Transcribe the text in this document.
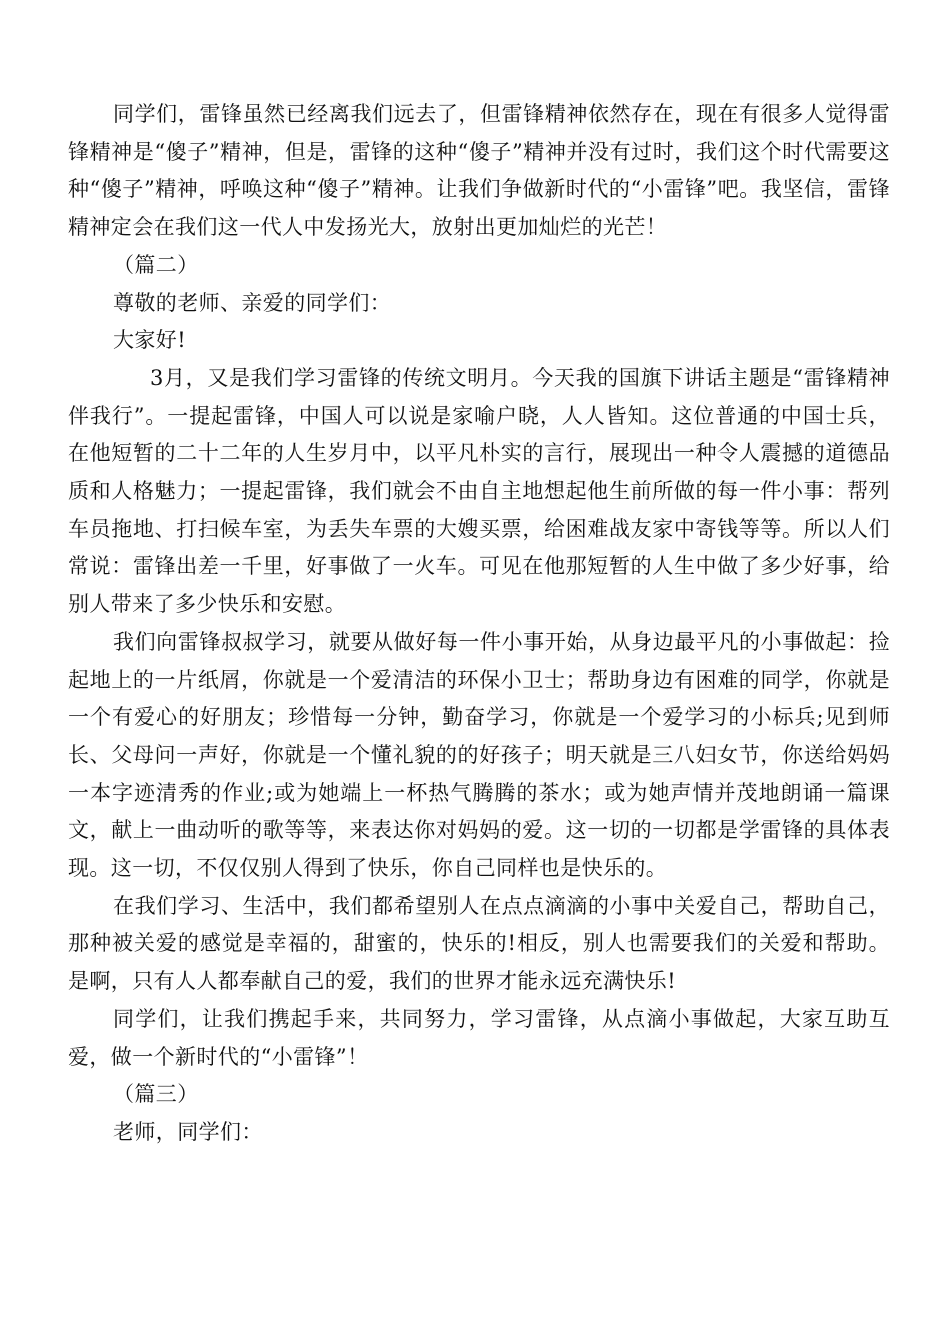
同学们，雷锋虽然已经离我们远去了，但雷锋精神依然存在，现在有很多人觉得雷锋精神是“傻子”精神，但是，雷锋的这种“傻子”精神并没有过时，我们这个时代需要这种“傻子”精神，呼唤这种“傻子”精神。让我们争做新时代的“小雷锋”吧。我坚信，雷锋精神定会在我们这一代人中发扬光大，放射出更加灿烂的光芒！

（篇二）

尊敬的老师、亲爱的同学们：

大家好!

3月，又是我们学习雷锋的传统文明月。今天我的国旗下讲话主题是“雷锋精神伴我行”。一提起雷锋，中国人可以说是家喻户晓，人人皆知。这位普通的中国士兵，在他短暂的二十二年的人生岁月中，以平凡朴实的言行，展现出一种令人震撼的道德品质和人格魅力；一提起雷锋，我们就会不由自主地想起他生前所做的每一件小事：帮列车员拖地、打扫候车室，为丢失车票的大嫂买票，给困难战友家中寄钱等等。所以人们常说：雷锋出差一千里，好事做了一火车。可见在他那短暂的人生中做了多少好事，给别人带来了多少快乐和安慰。

我们向雷锋叔叔学习，就要从做好每一件小事开始，从身边最平凡的小事做起：捡起地上的一片纸屑，你就是一个爱清洁的环保小卫士；帮助身边有困难的同学，你就是一个有爱心的好朋友；珍惜每一分钟，勤奋学习，你就是一个爱学习的小标兵;见到师长、父母问一声好，你就是一个懂礼貌的的好孩子；明天就是三八妇女节，你送给妈妈一本字迹清秀的作业;或为她端上一杯热气腾腾的茶水；或为她声情并茂地朗诵一篇课文，献上一曲动听的歌等等，来表达你对妈妈的爱。这一切的一切都是学雷锋的具体表现。这一切，不仅仅别人得到了快乐，你自己同样也是快乐的。

在我们学习、生活中，我们都希望别人在点点滴滴的小事中关爱自己，帮助自己，那种被关爱的感觉是幸福的，甜蜜的，快乐的!相反，别人也需要我们的关爱和帮助。是啊，只有人人都奉献自己的爱，我们的世界才能永远充满快乐!

同学们，让我们携起手来，共同努力，学习雷锋，从点滴小事做起，大家互助互爱，做一个新时代的“小雷锋”！

（篇三）

老师，同学们：
